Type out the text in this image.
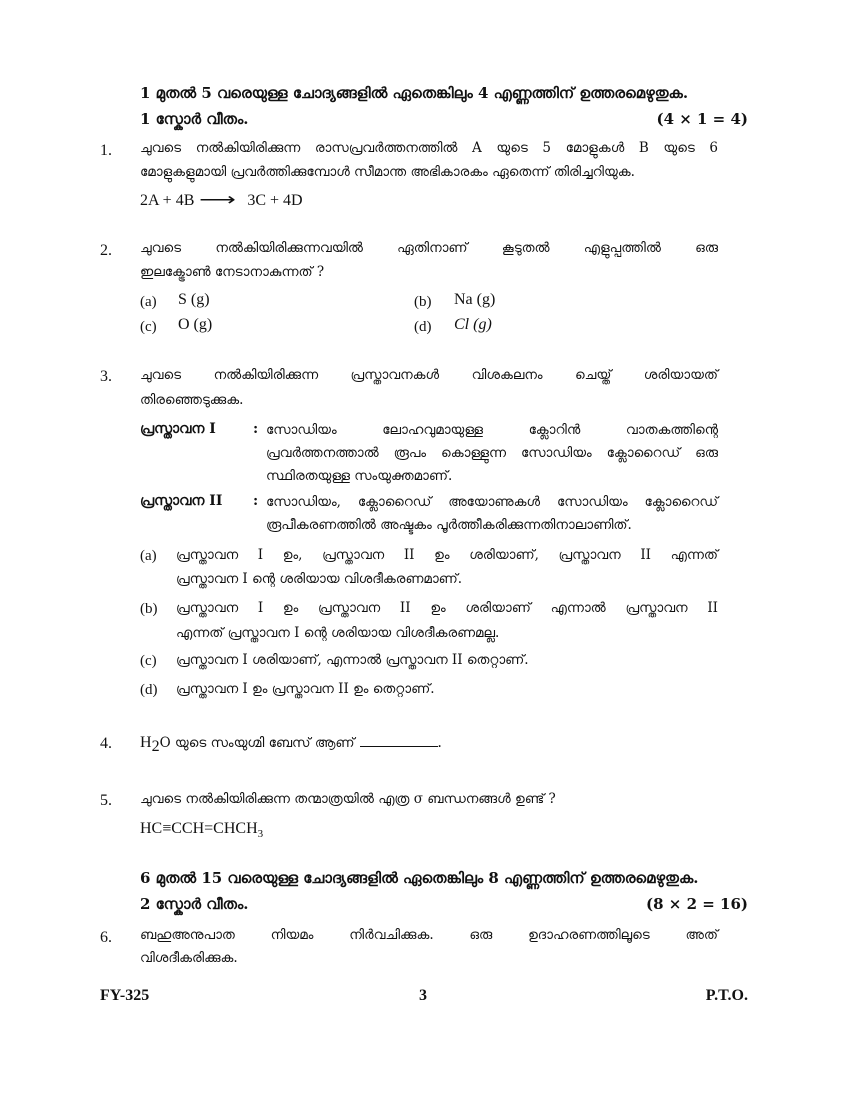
1 മുതൽ 5 വരെയുള്ള ചോദ്യങ്ങളിൽ ഏതെങ്കിലും 4 എണ്ണത്തിന് ഉത്തരമെഴുതുക.
1 സ്കോർ വീതം.	(4 × 1 = 4)
1. ചുവടെ നൽകിയിരിക്കുന്ന രാസപ്രവർത്തനത്തിൽ A യുടെ 5 മോളുകൾ B യുടെ 6
മോളുകളുമായി പ്രവർത്തിക്കുമ്പോൾ സീമാന്ത അഭികാരകം ഏതെന്ന് തിരിച്ചറിയുക.
2A + 4B ⟶ 3C + 4D
2. ചുവടെ നൽകിയിരിക്കുന്നവയിൽ ഏതിനാണ് കൂടുതൽ എളുപ്പത്തിൽ ഒരു
ഇലക്ട്രോൺ നേടാനാകുന്നത് ?
(a) S (g)	(b) Na (g)
(c) O (g)	(d) Cl (g)
3. ചുവടെ നൽകിയിരിക്കുന്ന പ്രസ്താവനകൾ വിശകലനം ചെയ്ത് ശരിയായത്
തിരഞ്ഞെടുക്കുക.
പ്രസ്താവന I	: സോഡിയം ലോഹവുമായുള്ള ക്ലോറിൻ വാതകത്തിന്റെ
പ്രവർത്തനത്താൽ രൂപം കൊള്ളുന്ന സോഡിയം ക്ലോറൈഡ് ഒരു
സ്ഥിരതയുള്ള സംയുക്തമാണ്.
പ്രസ്താവന II : സോഡിയം, ക്ലോറൈഡ് അയോണുകൾ സോഡിയം ക്ലോറൈഡ്
രൂപീകരണത്തിൽ അഷ്ടകം പൂർത്തീകരിക്കുന്നതിനാലാണിത്.
(a) പ്രസ്താവന I ഉം, പ്രസ്താവന II ഉം ശരിയാണ്, പ്രസ്താവന II എന്നത്
പ്രസ്താവന I ന്റെ ശരിയായ വിശദീകരണമാണ്.
(b) പ്രസ്താവന I ഉം പ്രസ്താവന II ഉം ശരിയാണ് എന്നാൽ പ്രസ്താവന II
എന്നത് പ്രസ്താവന I ന്റെ ശരിയായ വിശദീകരണമല്ല.
(c) പ്രസ്താവന I ശരിയാണ്, എന്നാൽ പ്രസ്താവന II തെറ്റാണ്.
(d) പ്രസ്താവന I ഉം പ്രസ്താവന II ഉം തെറ്റാണ്.
4. $H_2O$ യുടെ സംയുഗ്മി ബേസ് ആണ്	.
5. ചുവടെ നൽകിയിരിക്കുന്ന തന്മാത്രയിൽ എത്ര σ ബന്ധനങ്ങൾ ഉണ്ട് ?
$HC\equiv CCH=CHCH_3$
6 മുതൽ 15 വരെയുള്ള ചോദ്യങ്ങളിൽ ഏതെങ്കിലും 8 എണ്ണത്തിന് ഉത്തരമെഴുതുക.
2 സ്കോർ വീതം.	(8 × 2 = 16)
6. ബഹുഅനുപാത നിയമം നിർവചിക്കുക. ഒരു ഉദാഹരണത്തിലൂടെ അത്
വിശദീകരിക്കുക.
FY-325	3	P.T.O.
